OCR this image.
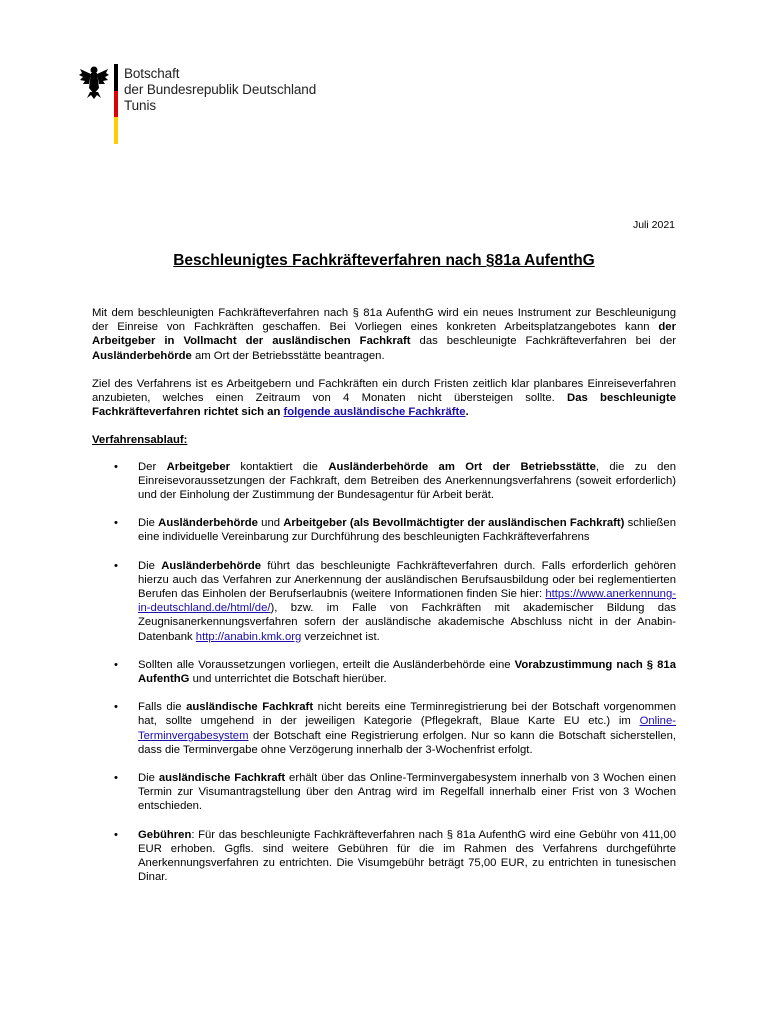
Botschaft
der Bundesrepublik Deutschland
Tunis
Juli 2021
Beschleunigtes Fachkräfteverfahren nach §81a AufenthG

Mit dem beschleunigten Fachkräfteverfahren nach § 81a AufenthG wird ein neues Instrument zur Beschleunigung der Einreise von Fachkräften geschaffen. Bei Vorliegen eines konkreten Arbeitsplatzangebotes kann der Arbeitgeber in Vollmacht der ausländischen Fachkraft das beschleunigte Fachkräfteverfahren bei der Ausländerbehörde am Ort der Betriebsstätte beantragen.

Ziel des Verfahrens ist es Arbeitgebern und Fachkräften ein durch Fristen zeitlich klar planbares Einreiseverfahren anzubieten, welches einen Zeitraum von 4 Monaten nicht übersteigen sollte. Das beschleunigte Fachkräfteverfahren richtet sich an folgende ausländische Fachkräfte.

Verfahrensablauf:
• Der Arbeitgeber kontaktiert die Ausländerbehörde am Ort der Betriebsstätte, die zu den Einreisevoraussetzungen der Fachkraft, dem Betreiben des Anerkennungsverfahrens (soweit erforderlich) und der Einholung der Zustimmung der Bundesagentur für Arbeit berät.
• Die Ausländerbehörde und Arbeitgeber (als Bevollmächtigter der ausländischen Fachkraft) schließen eine individuelle Vereinbarung zur Durchführung des beschleunigten Fachkräfteverfahrens
• Die Ausländerbehörde führt das beschleunigte Fachkräfteverfahren durch. Falls erforderlich gehören hierzu auch das Verfahren zur Anerkennung der ausländischen Berufsausbildung oder bei reglementierten Berufen das Einholen der Berufserlaubnis (weitere Informationen finden Sie hier: https://www.anerkennung-in-deutschland.de/html/de/), bzw. im Falle von Fachkräften mit akademischer Bildung das Zeugnisanerkennungsverfahren sofern der ausländische akademische Abschluss nicht in der Anabin-Datenbank http://anabin.kmk.org verzeichnet ist.
• Sollten alle Voraussetzungen vorliegen, erteilt die Ausländerbehörde eine Vorabzustimmung nach § 81a AufenthG und unterrichtet die Botschaft hierüber.
• Falls die ausländische Fachkraft nicht bereits eine Terminregistrierung bei der Botschaft vorgenommen hat, sollte umgehend in der jeweiligen Kategorie (Pflegekraft, Blaue Karte EU etc.) im Online-Terminvergabesystem der Botschaft eine Registrierung erfolgen. Nur so kann die Botschaft sicherstellen, dass die Terminvergabe ohne Verzögerung innerhalb der 3-Wochenfrist erfolgt.
• Die ausländische Fachkraft erhält über das Online-Terminvergabesystem innerhalb von 3 Wochen einen Termin zur Visumantragstellung über den Antrag wird im Regelfall innerhalb einer Frist von 3 Wochen entschieden.
• Gebühren: Für das beschleunigte Fachkräfteverfahren nach § 81a AufenthG wird eine Gebühr von 411,00 EUR erhoben. Ggfls. sind weitere Gebühren für die im Rahmen des Verfahrens durchgeführte Anerkennungsverfahren zu entrichten. Die Visumgebühr beträgt 75,00 EUR, zu entrichten in tunesischen Dinar.
